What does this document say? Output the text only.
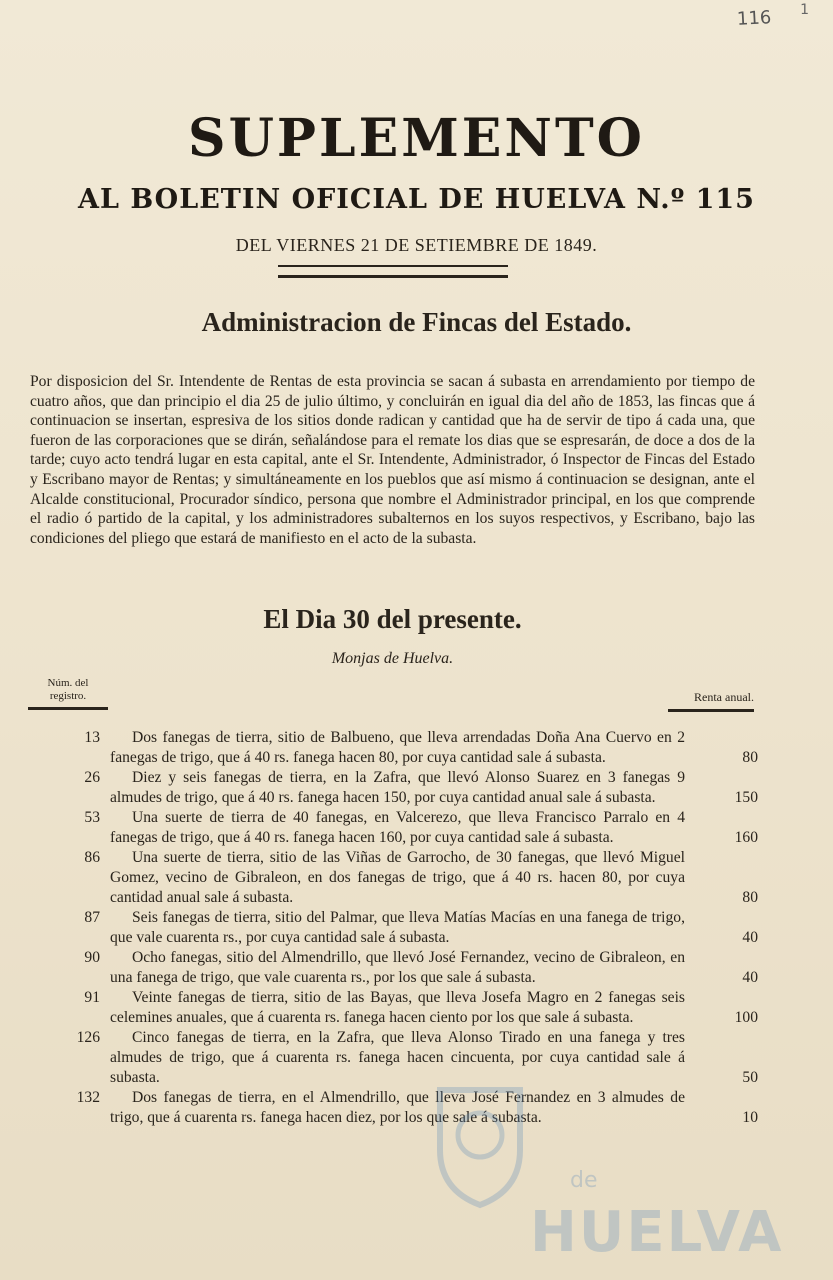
116 1
SUPLEMENTO
AL BOLETIN OFICIAL DE HUELVA N.º 115
DEL VIERNES 21 DE SETIEMBRE DE 1849.
Administracion de Fincas del Estado.

Por disposicion del Sr. Intendente de Rentas de esta provincia se sacan á subasta en arrendamiento por tiempo de cuatro años, que dan principio el dia 25 de julio último, y concluirán en igual dia del año de 1853, las fincas que á continuacion se insertan, espresiva de los sitios donde radican y cantidad que ha de servir de tipo á cada una, que fueron de las corporaciones que se dirán, señalándose para el remate los dias que se espresarán, de doce a dos de la tarde; cuyo acto tendrá lugar en esta capital, ante el Sr. Intendente, Administrador, ó Inspector de Fincas del Estado y Escribano mayor de Rentas; y simultáneamente en los pueblos que así mismo á continuacion se designan, ante el Alcalde constitucional, Procurador síndico, persona que nombre el Administrador principal, en los que comprende el radio ó partido de la capital, y los administradores subalternos en los suyos respectivos, y Escribano, bajo las condiciones del pliego que estará de manifiesto en el acto de la subasta.

El Dia 30 del presente.
Monjas de Huelva.
Núm. del registro.	Renta anual.
13	Dos fanegas de tierra, sitio de Balbueno, que lleva arrendadas Doña Ana Cuervo en 2 fanegas de trigo, que á 40 rs. fanega hacen 80, por cuya cantidad sale á subasta.	80
26	Diez y seis fanegas de tierra, en la Zafra, que llevó Alonso Suarez en 3 fanegas 9 almudes de trigo, que á 40 rs. fanega hacen 150, por cuya cantidad anual sale á subasta.	150
53	Una suerte de tierra de 40 fanegas, en Valcerezo, que lleva Francisco Parralo en 4 fanegas de trigo, que á 40 rs. fanega hacen 160, por cuya cantidad sale á subasta.	160
86	Una suerte de tierra, sitio de las Viñas de Garrocho, de 30 fanegas, que llevó Miguel Gomez, vecino de Gibraleon, en dos fanegas de trigo, que á 40 rs. hacen 80, por cuya cantidad anual sale á subasta.	80
87	Seis fanegas de tierra, sitio del Palmar, que lleva Matías Macías en una fanega de trigo, que vale cuarenta rs., por cuya cantidad sale á subasta.	40
90	Ocho fanegas, sitio del Almendrillo, que llevó José Fernandez, vecino de Gibraleon, en una fanega de trigo, que vale cuarenta rs., por los que sale á subasta.	40
91	Veinte fanegas de tierra, sitio de las Bayas, que lleva Josefa Magro en 2 fanegas seis celemines anuales, que á cuarenta rs. fanega hacen ciento por los que sale á subasta.	100
126	Cinco fanegas de tierra, en la Zafra, que lleva Alonso Tirado en una fanega y tres almudes de trigo, que á cuarenta rs. fanega hacen cincuenta, por cuya cantidad sale á subasta.	50
132	Dos fanegas de tierra, en el Almendrillo, que lleva José Fernandez en 3 almudes de trigo, que á cuarenta rs. fanega hacen diez, por los que sale á subasta.	10
de
HUELVA
